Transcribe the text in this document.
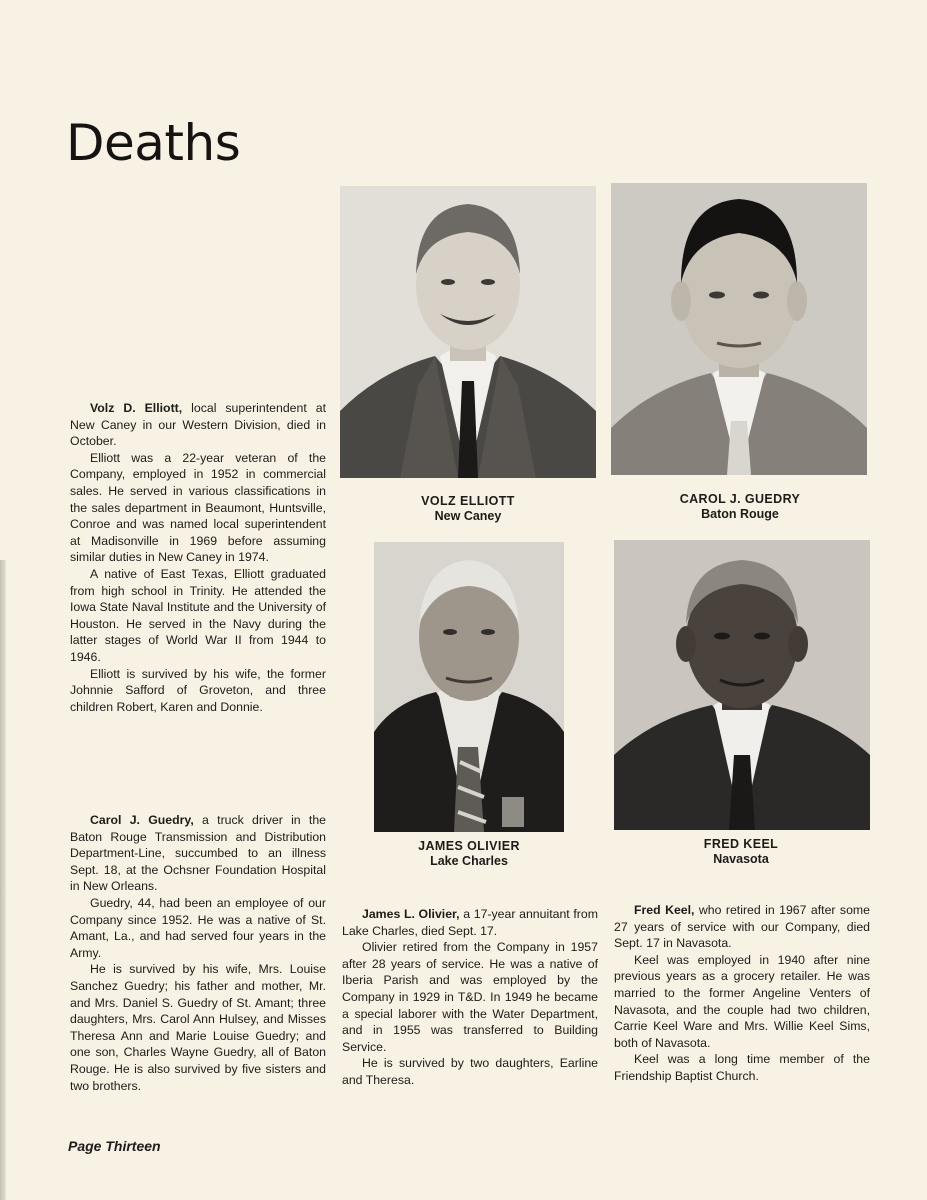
Deaths
VOLZ ELLIOTT
New Caney
CAROL J. GUEDRY
Baton Rouge
JAMES OLIVIER
Lake Charles
FRED KEEL
Navasota

Volz D. Elliott, local superintendent at New Caney in our Western Division, died in October.

Elliott was a 22-year veteran of the Company, employed in 1952 in commercial sales. He served in various classifications in the sales department in Beaumont, Huntsville, Conroe and was named local superintendent at Madisonville in 1969 before assuming similar duties in New Caney in 1974.

A native of East Texas, Elliott graduated from high school in Trinity. He attended the Iowa State Naval Institute and the University of Houston. He served in the Navy during the latter stages of World War II from 1944 to 1946.

Elliott is survived by his wife, the former Johnnie Safford of Groveton, and three children Robert, Karen and Donnie.

Carol J. Guedry, a truck driver in the Baton Rouge Transmission and Distribution Department-Line, succumbed to an illness Sept. 18, at the Ochsner Foundation Hospital in New Orleans.

Guedry, 44, had been an employee of our Company since 1952. He was a native of St. Amant, La., and had served four years in the Army.

He is survived by his wife, Mrs. Louise Sanchez Guedry; his father and mother, Mr. and Mrs. Daniel S. Guedry of St. Amant; three daughters, Mrs. Carol Ann Hulsey, and Misses Theresa Ann and Marie Louise Guedry; and one son, Charles Wayne Guedry, all of Baton Rouge. He is also survived by five sisters and two brothers.

James L. Olivier, a 17-year annuitant from Lake Charles, died Sept. 17.

Olivier retired from the Company in 1957 after 28 years of service. He was a native of Iberia Parish and was employed by the Company in 1929 in T&D. In 1949 he became a special laborer with the Water Department, and in 1955 was transferred to Building Service.

He is survived by two daughters, Earline and Theresa.

Fred Keel, who retired in 1967 after some 27 years of service with our Company, died Sept. 17 in Navasota.

Keel was employed in 1940 after nine previous years as a grocery retailer. He was married to the former Angeline Venters of Navasota, and the couple had two children, Carrie Keel Ware and Mrs. Willie Keel Sims, both of Navasota.

Keel was a long time member of the Friendship Baptist Church.

Page Thirteen
